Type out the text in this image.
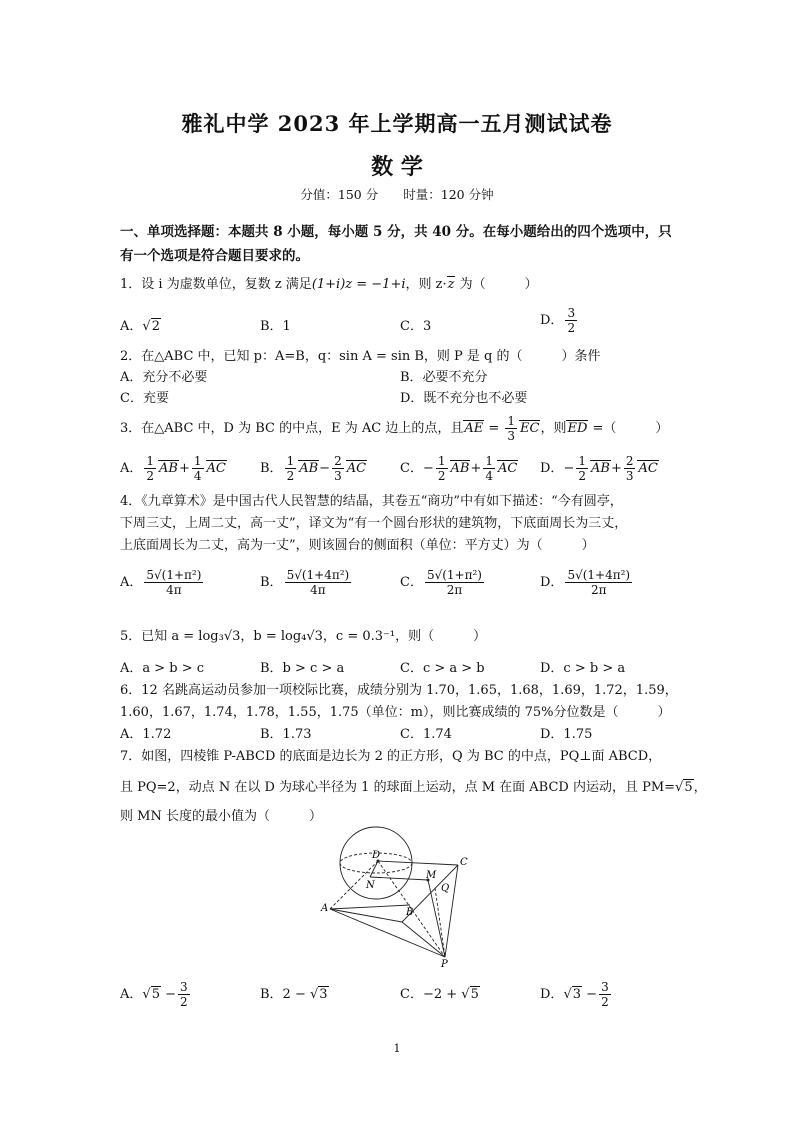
雅礼中学 2023 年上学期高一五月测试试卷
数 学
分值：150 分　　时量：120 分钟
一、单项选择题：本题共 8 小题，每小题 5 分，共 40 分。在每小题给出的四个选项中，只
有一个选项是符合题目要求的。
1．设 i 为虚数单位，复数 z 满足(1+i)z = −1+i，则 z·z 为（　　　）
A．√2	B．1	C．3	D． $\frac{3}{2}$
2．在△ABC 中，已知 p：A=B，q：sin A = sin B，则 P 是 q 的（　　　）条件
A．充分不必要	B．必要不充分
C．充要	D．既不充分也不必要
3．在△ABC 中，D 为 BC 的中点，E 为 AC 边上的点，且AE = $\frac{1}{3}$ EC，则ED =（　　　）
A． $\frac{1}{2} AB+ \frac{1}{4}$ AC	B． $\frac{1}{2} AB- \frac{2}{3}$ AC	C．− $\frac{1}{2} AB+ \frac{1}{4}$ AC D．− $\frac{1}{2} AB+ \frac{2}{3}$ AC
4．《九章算术》是中国古代人民智慧的结晶，其卷五“商功”中有如下描述：“今有圆亭，
下周三丈，上周二丈，高一丈”，译文为“有一个圆台形状的建筑物，下底面周长为三丈，
上底面周长为二丈，高为一丈”，则该圆台的侧面积（单位：平方丈）为（　　　）
A． $\frac{\text{5√(1+π²)}}{4\pi}$	B． $\frac{\text{5√(1+4π²)}}{4\pi}$	C． $\frac{\text{5√(1+π²)}}{2\pi}$	D． $\frac{\text{5√(1+4π²)}}{2\pi}$
5．已知 a = log₃√3，b = log₄√3，c = 0.3⁻¹，则（　　　）
A．a > b > c	B．b > c > a	C．c > a > b	D．c > b > a
6．12 名跳高运动员参加一项校际比赛，成绩分别为 1.70，1.65，1.68，1.69，1.72，1.59，
1.60，1.67，1.74，1.78，1.55，1.75（单位：m），则比赛成绩的 75%分位数是（　　　）
A．1.72	B．1.73	C．1.74	D．1.75
7．如图，四棱锥 P-ABCD 的底面是边长为 2 的正方形，Q 为 BC 的中点，PQ⊥面 ABCD，
且 PQ=2，动点 N 在以 D 为球心半径为 1 的球面上运动，点 M 在面 ABCD 内运动，且 PM=√5，
则 MN 长度的最小值为（　　　）
D
N
M
Q
C
A	B
P
A．$√5 - \frac{3}{2}$	B．2 − √3	C．−2 + √5	D．$√3 - \frac{3}{2}$
1
